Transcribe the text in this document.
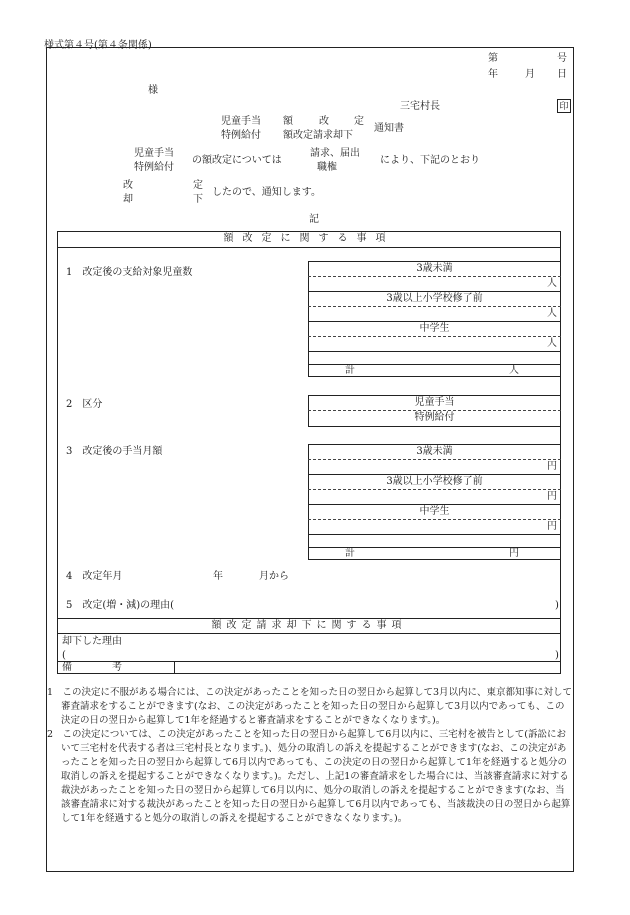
様式第４号(第４条関係)
第	号
年	月 日
様
三宅村長	印
児童手当
特例給付
額	改	定
額改定請求却下
通知書
児童手当
特例給付
の額改定については
請求、届出
職権
により、下記のとおり
改
却
定
下
したので、通知します。
記
額改定に関する事項
1　改定後の支給対象児童数	3歳未満
人
3歳以上小学校修了前
人
中学生
人
計	人
2　区分	児童手当
特例給付
3　改定後の手当月額	3歳未満
円
3歳以上小学校修了前
円
中学生
円
計	円
4　改定年月	年	月から
5　改定(増・減)の理由(	)
額改定請求却下に関する事項
却下した理由
(	)
備　　　　考

1　この決定に不服がある場合には、この決定があったことを知った日の翌日から起算して3月以内に、東京都知事に対して審査請求をすることができます(なお、この決定があったことを知った日の翌日から起算して3月以内であっても、この決定の日の翌日から起算して1年を経過すると審査請求をすることができなくなります。)。

2　この決定については、この決定があったことを知った日の翌日から起算して6月以内に、三宅村を被告として(訴訟において三宅村を代表する者は三宅村長となります。)、処分の取消しの訴えを提起することができます(なお、この決定があったことを知った日の翌日から起算して6月以内であっても、この決定の日の翌日から起算して1年を経過すると処分の取消しの訴えを提起することができなくなります。)。ただし、上記1の審査請求をした場合には、当該審査請求に対する裁決があったことを知った日の翌日から起算して6月以内に、処分の取消しの訴えを提起することができます(なお、当該審査請求に対する裁決があったことを知った日の翌日から起算して6月以内であっても、当該裁決の日の翌日から起算して1年を経過すると処分の取消しの訴えを提起することができなくなります。)。
